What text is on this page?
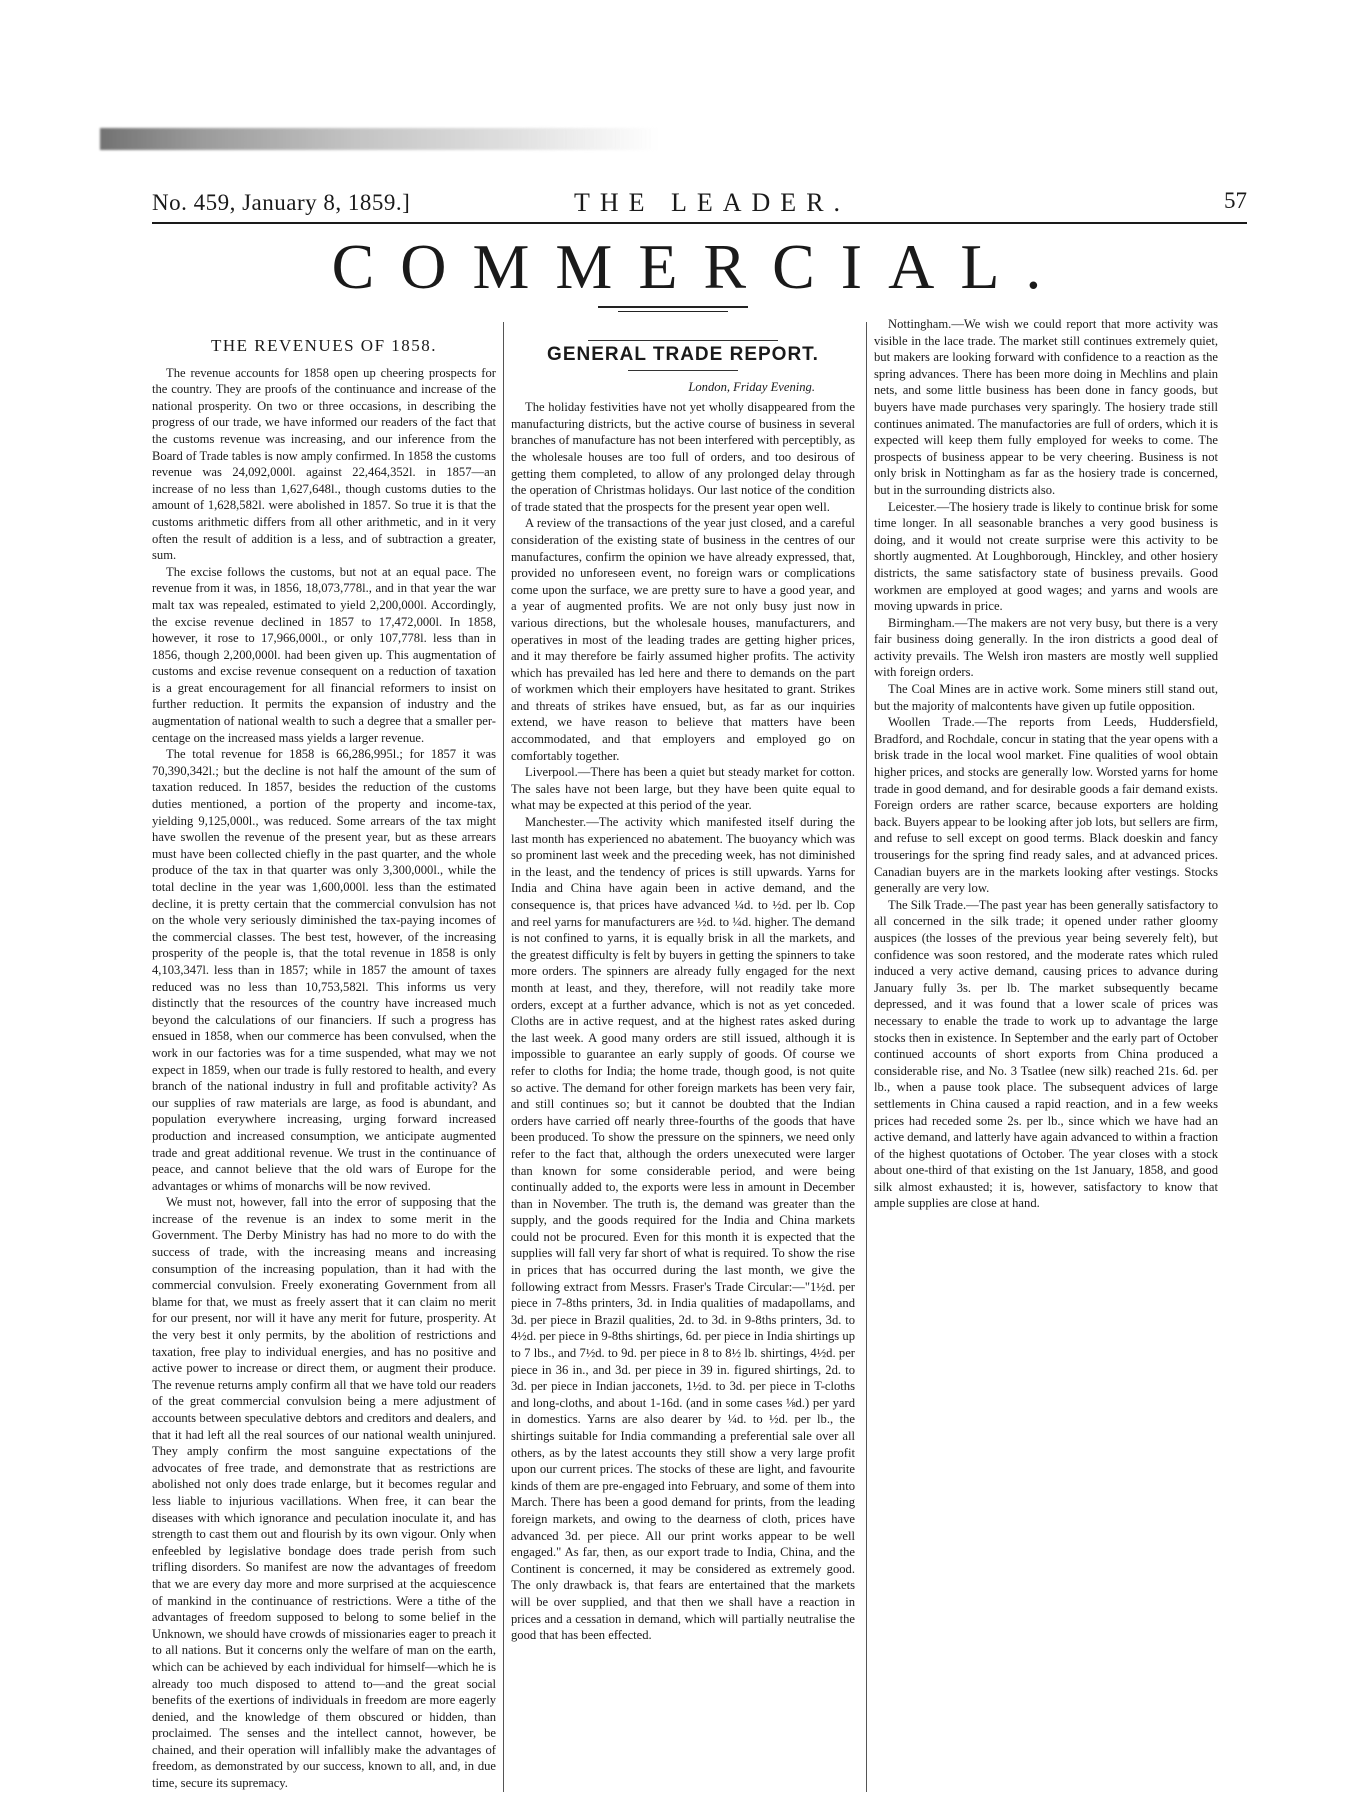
No. 459, January 8, 1859.]	THE LEADER.	57
COMMERCIAL.
THE REVENUES OF 1858.

The revenue accounts for 1858 open up cheering prospects for the country. They are proofs of the continuance and increase of the national prosperity. On two or three occasions, in describing the progress of our trade, we have informed our readers of the fact that the customs revenue was increasing, and our inference from the Board of Trade tables is now amply confirmed. In 1858 the customs revenue was 24,092,000l. against 22,464,352l. in 1857—an increase of no less than 1,627,648l., though customs duties to the amount of 1,628,582l. were abolished in 1857. So true it is that the customs arithmetic differs from all other arithmetic, and in it very often the result of addition is a less, and of subtraction a greater, sum.

The excise follows the customs, but not at an equal pace. The revenue from it was, in 1856, 18,073,778l., and in that year the war malt tax was repealed, estimated to yield 2,200,000l. Accordingly, the excise revenue declined in 1857 to 17,472,000l. In 1858, however, it rose to 17,966,000l., or only 107,778l. less than in 1856, though 2,200,000l. had been given up. This augmentation of customs and excise revenue consequent on a reduction of taxation is a great encouragement for all financial reformers to insist on further reduction. It permits the expansion of industry and the augmentation of national wealth to such a degree that a smaller per-centage on the increased mass yields a larger revenue.

The total revenue for 1858 is 66,286,995l.; for 1857 it was 70,390,342l.; but the decline is not half the amount of the sum of taxation reduced. In 1857, besides the reduction of the customs duties mentioned, a portion of the property and income-tax, yielding 9,125,000l., was reduced. Some arrears of the tax might have swollen the revenue of the present year, but as these arrears must have been collected chiefly in the past quarter, and the whole produce of the tax in that quarter was only 3,300,000l., while the total decline in the year was 1,600,000l. less than the estimated decline, it is pretty certain that the commercial convulsion has not on the whole very seriously diminished the tax-paying incomes of the commercial classes. The best test, however, of the increasing prosperity of the people is, that the total revenue in 1858 is only 4,103,347l. less than in 1857; while in 1857 the amount of taxes reduced was no less than 10,753,582l. This informs us very distinctly that the resources of the country have increased much beyond the calculations of our financiers. If such a progress has ensued in 1858, when our commerce has been convulsed, when the work in our factories was for a time suspended, what may we not expect in 1859, when our trade is fully restored to health, and every branch of the national industry in full and profitable activity? As our supplies of raw materials are large, as food is abundant, and population everywhere increasing, urging forward increased production and increased consumption, we anticipate augmented trade and great additional revenue. We trust in the continuance of peace, and cannot believe that the old wars of Europe for the advantages or whims of monarchs will be now revived.

We must not, however, fall into the error of supposing that the increase of the revenue is an index to some merit in the Government. The Derby Ministry has had no more to do with the success of trade, with the increasing means and increasing consumption of the increasing population, than it had with the commercial convulsion. Freely exonerating Government from all blame for that, we must as freely assert that it can claim no merit for our present, nor will it have any merit for future, prosperity. At the very best it only permits, by the abolition of restrictions and taxation, free play to individual energies, and has no positive and active power to increase or direct them, or augment their produce. The revenue returns amply confirm all that we have told our readers of the great commercial convulsion being a mere adjustment of accounts between speculative debtors and creditors and dealers, and that it had left all the real sources of our national wealth uninjured. They amply confirm the most sanguine expectations of the advocates of free trade, and demonstrate that as restrictions are abolished not only does trade enlarge, but it becomes regular and less liable to injurious vacillations. When free, it can bear the diseases with which ignorance and peculation inoculate it, and has strength to cast them out and flourish by its own vigour. Only when enfeebled by legislative bondage does trade perish from such trifling disorders. So manifest are now the advantages of freedom that we are every day more and more surprised at the acquiescence of mankind in the continuance of restrictions. Were a tithe of the advantages of freedom supposed to belong to some belief in the Unknown, we should have crowds of missionaries eager to preach it to all nations. But it concerns only the welfare of man on the earth, which can be achieved by each individual for himself—which he is already too much disposed to attend to—and the great social benefits of the exertions of individuals in freedom are more eagerly denied, and the knowledge of them obscured or hidden, than proclaimed. The senses and the intellect cannot, however, be chained, and their operation will infallibly make the advantages of freedom, as demonstrated by our success, known to all, and, in due time, secure its supremacy.

GENERAL TRADE REPORT.
London, Friday Evening.

The holiday festivities have not yet wholly disappeared from the manufacturing districts, but the active course of business in several branches of manufacture has not been interfered with perceptibly, as the wholesale houses are too full of orders, and too desirous of getting them completed, to allow of any prolonged delay through the operation of Christmas holidays. Our last notice of the condition of trade stated that the prospects for the present year open well.

A review of the transactions of the year just closed, and a careful consideration of the existing state of business in the centres of our manufactures, confirm the opinion we have already expressed, that, provided no unforeseen event, no foreign wars or complications come upon the surface, we are pretty sure to have a good year, and a year of augmented profits. We are not only busy just now in various directions, but the wholesale houses, manufacturers, and operatives in most of the leading trades are getting higher prices, and it may therefore be fairly assumed higher profits. The activity which has prevailed has led here and there to demands on the part of workmen which their employers have hesitated to grant. Strikes and threats of strikes have ensued, but, as far as our inquiries extend, we have reason to believe that matters have been accommodated, and that employers and employed go on comfortably together.

Liverpool.—There has been a quiet but steady market for cotton. The sales have not been large, but they have been quite equal to what may be expected at this period of the year.

Manchester.—The activity which manifested itself during the last month has experienced no abatement. The buoyancy which was so prominent last week and the preceding week, has not diminished in the least, and the tendency of prices is still upwards. Yarns for India and China have again been in active demand, and the consequence is, that prices have advanced ¼d. to ½d. per lb. Cop and reel yarns for manufacturers are ½d. to ¼d. higher. The demand is not confined to yarns, it is equally brisk in all the markets, and the greatest difficulty is felt by buyers in getting the spinners to take more orders. The spinners are already fully engaged for the next month at least, and they, therefore, will not readily take more orders, except at a further advance, which is not as yet conceded. Cloths are in active request, and at the highest rates asked during the last week. A good many orders are still issued, although it is impossible to guarantee an early supply of goods. Of course we refer to cloths for India; the home trade, though good, is not quite so active. The demand for other foreign markets has been very fair, and still continues so; but it cannot be doubted that the Indian orders have carried off nearly three-fourths of the goods that have been produced. To show the pressure on the spinners, we need only refer to the fact that, although the orders unexecuted were larger than known for some considerable period, and were being continually added to, the exports were less in amount in December than in November. The truth is, the demand was greater than the supply, and the goods required for the India and China markets could not be procured. Even for this month it is expected that the supplies will fall very far short of what is required. To show the rise in prices that has occurred during the last month, we give the following extract from Messrs. Fraser's Trade Circular:—"1½d. per piece in 7-8ths printers, 3d. in India qualities of madapollams, and 3d. per piece in Brazil qualities, 2d. to 3d. in 9-8ths printers, 3d. to 4½d. per piece in 9-8ths shirtings, 6d. per piece in India shirtings up to 7 lbs., and 7½d. to 9d. per piece in 8 to 8½ lb. shirtings, 4½d. per piece in 36 in., and 3d. per piece in 39 in. figured shirtings, 2d. to 3d. per piece in Indian jacconets, 1½d. to 3d. per piece in T-cloths and long-cloths, and about 1-16d. (and in some cases ⅛d.) per yard in domestics. Yarns are also dearer by ¼d. to ½d. per lb., the shirtings suitable for India commanding a preferential sale over all others, as by the latest accounts they still show a very large profit upon our current prices. The stocks of these are light, and favourite kinds of them are pre-engaged into February, and some of them into March. There has been a good demand for prints, from the leading foreign markets, and owing to the dearness of cloth, prices have advanced 3d. per piece. All our print works appear to be well engaged." As far, then, as our export trade to India, China, and the Continent is concerned, it may be considered as extremely good. The only drawback is, that fears are entertained that the markets will be over supplied, and that then we shall have a reaction in prices and a cessation in demand, which will partially neutralise the good that has been effected.

Nottingham.—We wish we could report that more activity was visible in the lace trade. The market still continues extremely quiet, but makers are looking forward with confidence to a reaction as the spring advances. There has been more doing in Mechlins and plain nets, and some little business has been done in fancy goods, but buyers have made purchases very sparingly. The hosiery trade still continues animated. The manufactories are full of orders, which it is expected will keep them fully employed for weeks to come. The prospects of business appear to be very cheering. Business is not only brisk in Nottingham as far as the hosiery trade is concerned, but in the surrounding districts also.

Leicester.—The hosiery trade is likely to continue brisk for some time longer. In all seasonable branches a very good business is doing, and it would not create surprise were this activity to be shortly augmented. At Loughborough, Hinckley, and other hosiery districts, the same satisfactory state of business prevails. Good workmen are employed at good wages; and yarns and wools are moving upwards in price.

Birmingham.—The makers are not very busy, but there is a very fair business doing generally. In the iron districts a good deal of activity prevails. The Welsh iron masters are mostly well supplied with foreign orders.

The Coal Mines are in active work. Some miners still stand out, but the majority of malcontents have given up futile opposition.

Woollen Trade.—The reports from Leeds, Huddersfield, Bradford, and Rochdale, concur in stating that the year opens with a brisk trade in the local wool market. Fine qualities of wool obtain higher prices, and stocks are generally low. Worsted yarns for home trade in good demand, and for desirable goods a fair demand exists. Foreign orders are rather scarce, because exporters are holding back. Buyers appear to be looking after job lots, but sellers are firm, and refuse to sell except on good terms. Black doeskin and fancy trouserings for the spring find ready sales, and at advanced prices. Canadian buyers are in the markets looking after vestings. Stocks generally are very low.

The Silk Trade.—The past year has been generally satisfactory to all concerned in the silk trade; it opened under rather gloomy auspices (the losses of the previous year being severely felt), but confidence was soon restored, and the moderate rates which ruled induced a very active demand, causing prices to advance during January fully 3s. per lb. The market subsequently became depressed, and it was found that a lower scale of prices was necessary to enable the trade to work up to advantage the large stocks then in existence. In September and the early part of October continued accounts of short exports from China produced a considerable rise, and No. 3 Tsatlee (new silk) reached 21s. 6d. per lb., when a pause took place. The subsequent advices of large settlements in China caused a rapid reaction, and in a few weeks prices had receded some 2s. per lb., since which we have had an active demand, and latterly have again advanced to within a fraction of the highest quotations of October. The year closes with a stock about one-third of that existing on the 1st January, 1858, and good silk almost exhausted; it is, however, satisfactory to know that ample supplies are close at hand.
